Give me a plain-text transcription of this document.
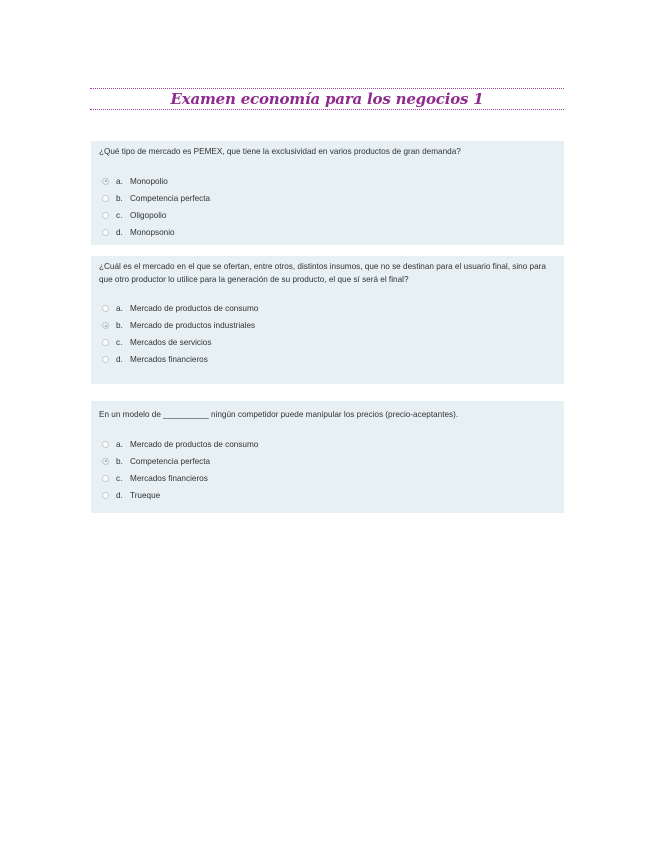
Examen economía para los negocios 1

¿Qué tipo de mercado es PEMEX, que tiene la exclusividad en varios productos de gran demanda?

a. Monopolio
b. Competencia perfecta
c. Oligopolio
d. Monopsonio

¿Cuál es el mercado en el que se ofertan, entre otros, distintos insumos, que no se destinan para el usuario final, sino para que otro productor lo utilice para la generación de su producto, el que sí será el final?

a. Mercado de productos de consumo
b. Mercado de productos industriales
c. Mercados de servicios
d. Mercados financieros

En un modelo de __________ ningún competidor puede manipular los precios (precio-aceptantes).

a. Mercado de productos de consumo
b. Competencia perfecta
c. Mercados financieros
d. Trueque
